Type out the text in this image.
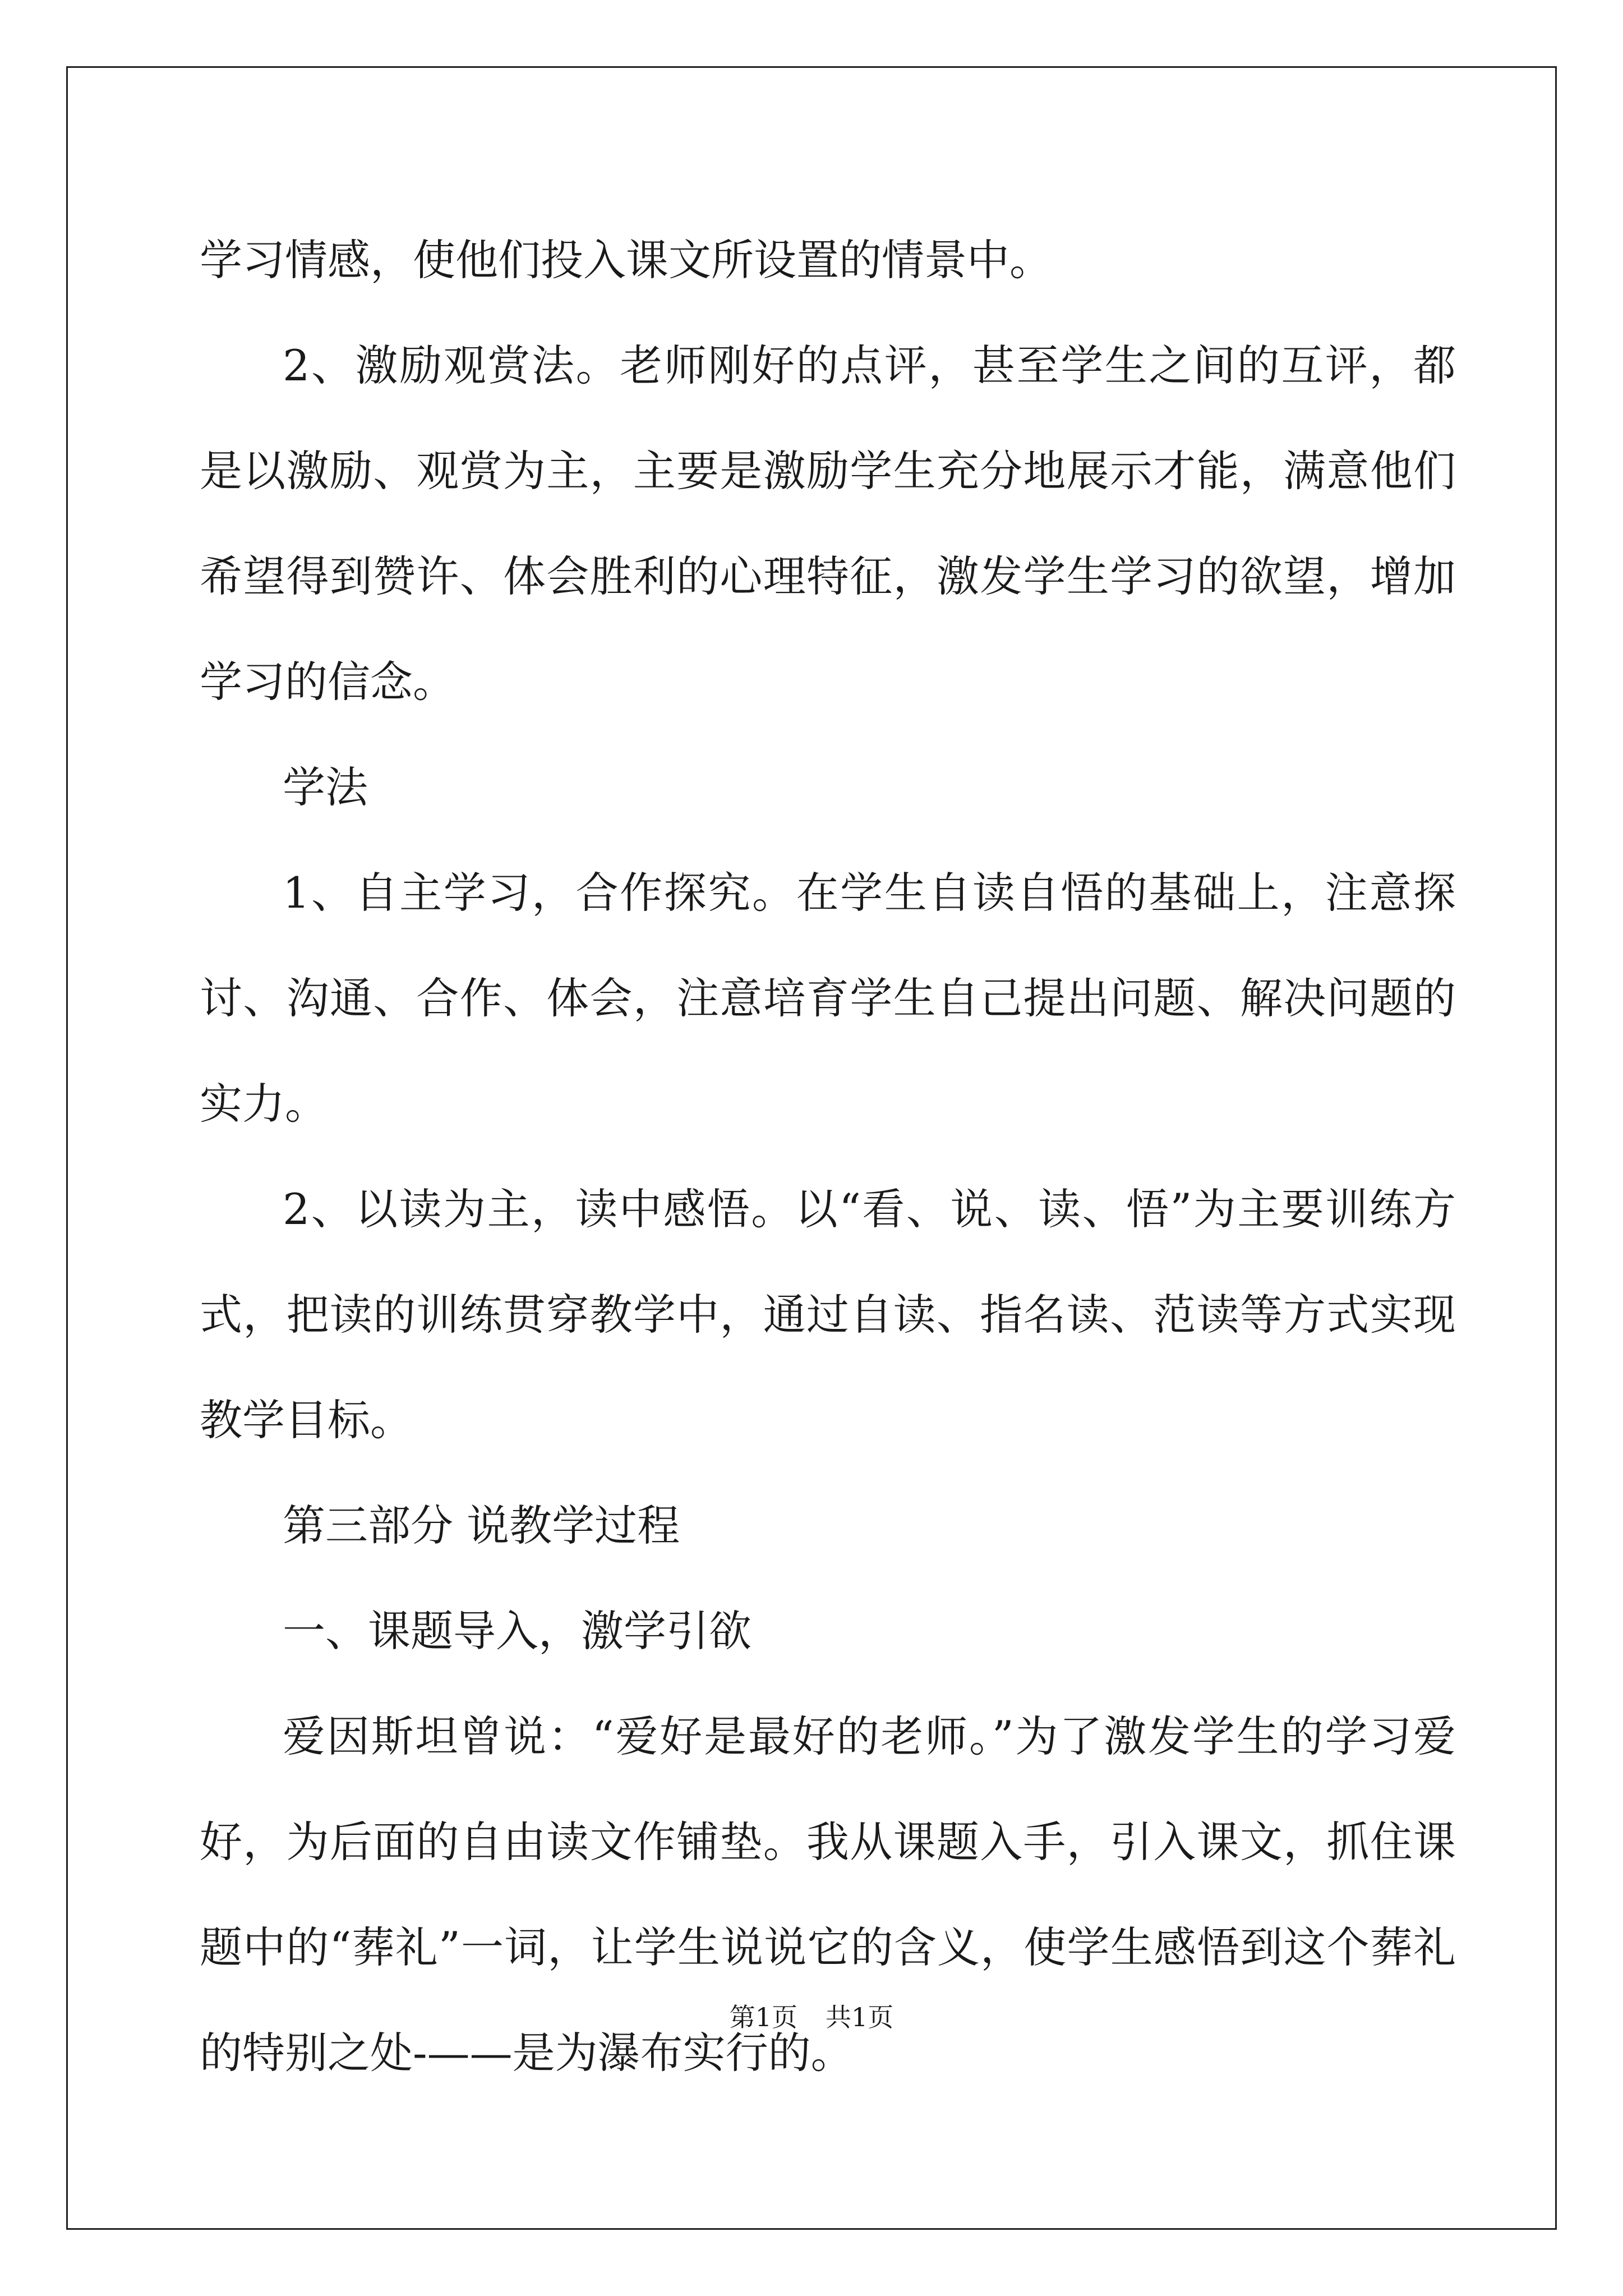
学习情感，使他们投入课文所设置的情景中。

2、激励观赏法。老师刚好的点评，甚至学生之间的互评，都是以激励、观赏为主，主要是激励学生充分地展示才能，满意他们希望得到赞许、体会胜利的心理特征，激发学生学习的欲望，增加学习的信念。

学法

1、自主学习，合作探究。在学生自读自悟的基础上，注意探讨、沟通、合作、体会，注意培育学生自己提出问题、解决问题的实力。

2、以读为主，读中感悟。以“看、说、读、悟”为主要训练方式，把读的训练贯穿教学中，通过自读、指名读、范读等方式实现教学目标。

第三部分 说教学过程

一、课题导入，激学引欲

爱因斯坦曾说：“爱好是最好的老师。”为了激发学生的学习爱好，为后面的自由读文作铺垫。我从课题入手，引入课文，抓住课题中的“葬礼”一词，让学生说说它的含义，使学生感悟到这个葬礼的特别之处-——是为瀑布实行的。

第1页 共1页
